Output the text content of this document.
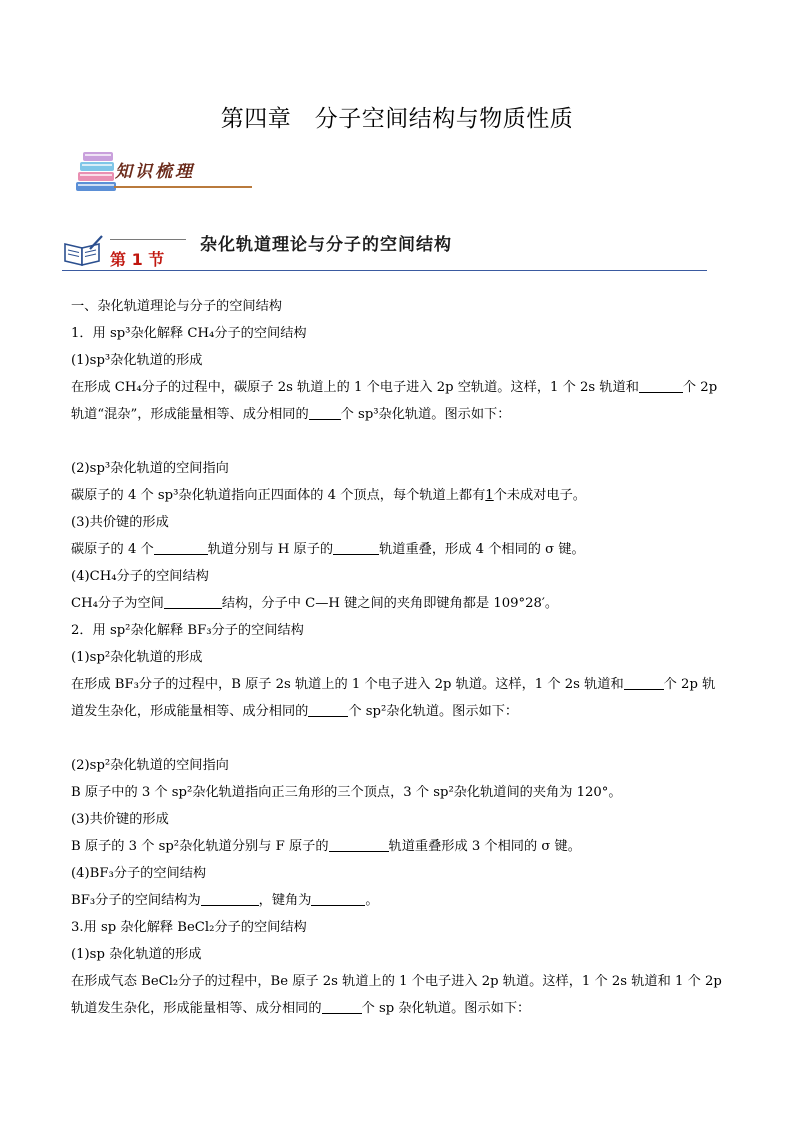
第四章　分子空间结构与物质性质
知识梳理
第 1 节
杂化轨道理论与分子的空间结构

一、杂化轨道理论与分子的空间结构

1．用 sp³杂化解释 CH₄分子的空间结构

(1)sp³杂化轨道的形成

在形成 CH₄分子的过程中，碳原子 2s 轨道上的 1 个电子进入 2p 空轨道。这样，1 个 2s 轨道和	个 2p

轨道“混杂”，形成能量相等、成分相同的 个 sp³杂化轨道。图示如下：

(2)sp³杂化轨道的空间指向

碳原子的 4 个 sp³杂化轨道指向正四面体的 4 个顶点，每个轨道上都有1个未成对电子。

(3)共价键的形成

碳原子的 4 个	轨道分别与 H 原子的	轨道重叠，形成 4 个相同的 σ 键。

(4)CH₄分子的空间结构

CH₄分子为空间	结构，分子中 C—H 键之间的夹角即键角都是 109°28′。

2．用 sp²杂化解释 BF₃分子的空间结构

(1)sp²杂化轨道的形成

在形成 BF₃分子的过程中，B 原子 2s 轨道上的 1 个电子进入 2p 轨道。这样，1 个 2s 轨道和	个 2p 轨

道发生杂化，形成能量相等、成分相同的	个 sp²杂化轨道。图示如下：

(2)sp²杂化轨道的空间指向

B 原子中的 3 个 sp²杂化轨道指向正三角形的三个顶点，3 个 sp²杂化轨道间的夹角为 120°。

(3)共价键的形成

B 原子的 3 个 sp²杂化轨道分别与 F 原子的	轨道重叠形成 3 个相同的 σ 键。

(4)BF₃分子的空间结构

BF₃分子的空间结构为	，键角为	。

3.用 sp 杂化解释 BeCl₂分子的空间结构

(1)sp 杂化轨道的形成

在形成气态 BeCl₂分子的过程中，Be 原子 2s 轨道上的 1 个电子进入 2p 轨道。这样，1 个 2s 轨道和 1 个 2p

轨道发生杂化，形成能量相等、成分相同的	个 sp 杂化轨道。图示如下：
